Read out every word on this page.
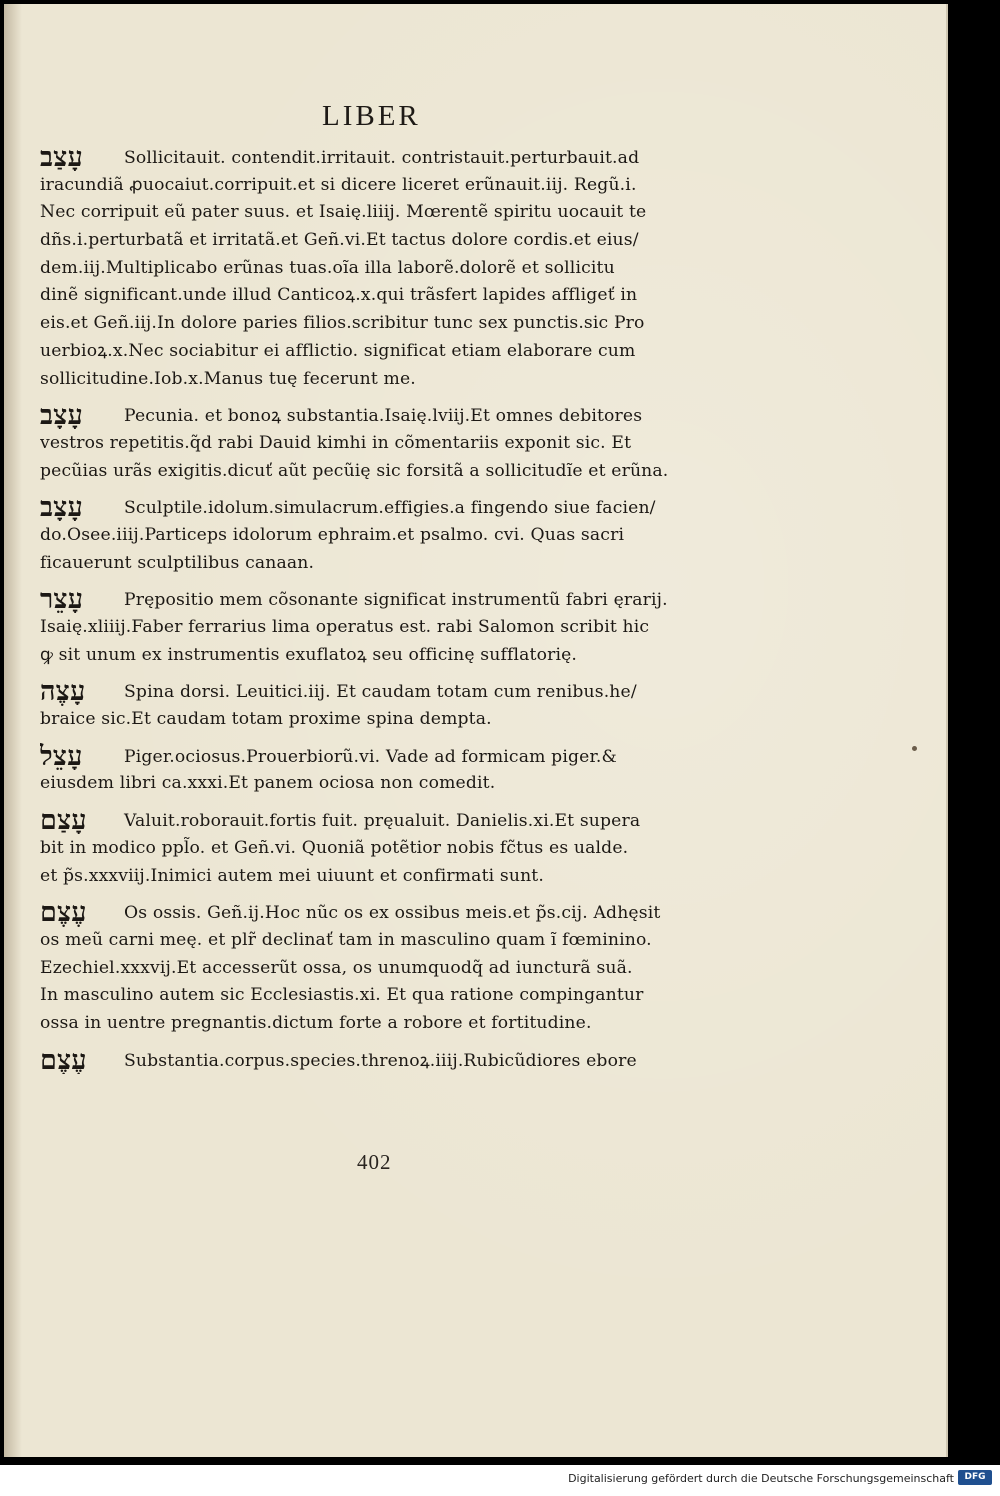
LIBER
עָצַב Sollicitauit. contendit.irritauit. contristauit.perturbauit.ad
iracundiã ꝓuocaiut.corripuit.et si dicere liceret erũnauit.iiј. Regũ.i.
Nec corripuit eũ pater suus. et Isaię.liiiј. Mœrentẽ spiritu uocauit te
dñs.i.perturbatã et irritatã.et Geñ.vi.Et tactus dolore cordis.et eius/
dem.iiј.Multiplicabo erũnas tuas.oĩa illa laborẽ.dolorẽ et sollicitu
dinẽ significant.unde illud Canticoꝝ.x.qui trãsfert lapides affligeť in
eis.et Geñ.iiј.In dolore paries filios.scribitur tunc sex punctis.sic Pro
uerbioꝝ.x.Nec sociabitur ei afflictio. significat etiam elaborare cum
sollicitudine.Iob.x.Manus tuę fecerunt me.
עָצָב Pecunia. et bonoꝝ substantia.Isaię.lviiј.Et omnes debitores
vestros repetitis.q̃d rabi Dauid kimhi in cõmentariis exponit sic. Et
pecũias urãs exigitis.dicuť aũt pecũię sic forsitã a sollicitudĩe et erũna.
עָצָב Sculptile.idolum.simulacrum.effigies.a fingendo siue facien/
do.Osee.iiiј.Particeps idolorum ephraim.et psalmo. cvi. Quas sacri
ficauerunt sculptilibus canaan.
עָצֵר Prępositio mem cõsonante significat instrumentũ fabri ęrariј.
Isaię.xliiiј.Faber ferrarius lima operatus est. rabi Salomon scribit hic
ꝙ sit unum ex instrumentis exuflatoꝝ seu officinę sufflatorię.
עָצֶה Spina dorsi. Leuitici.iiј. Et caudam totam cum renibus.he/
braice sic.Et caudam totam proxime spina dempta.
עָצֵל Piger.ociosus.Prouerbiorũ.vi. Vade ad formicam piger.&
eiusdem libri ca.xxxi.Et panem ociosa non comedit.
עָצַם Valuit.roborauit.fortis fuit. pręualuit. Danielis.xi.Et supera
bit in modico ppl̃o. et Geñ.vi. Quoniã potẽtior nobis fc̃tus es ualde.
et p̃s.xxxviiј.Inimici autem mei uiuunt et confirmati sunt.
עֶצֶם Os ossis. Geñ.iј.Hoc nũc os ex ossibus meis.et p̃s.ciј. Adhęsit
os meũ carni meę. et plr̃ declinať tam in masculino quam ĩ fœminino.
Ezechiel.xxxviј.Et accesserũt ossa, os unumquodq̃ ad iuncturã suã.
In masculino autem sic Ecclesiastis.xi. Et qua ratione compingantur
ossa in uentre pregnantis.dictum forte a robore et fortitudine.
עֶצֶם Substantia.corpus.species.threnoꝝ.iiiј.Rubicũdiores ebore
402
Digitalisierung gefördert durch die Deutsche Forschungsgemeinschaft	DFG
